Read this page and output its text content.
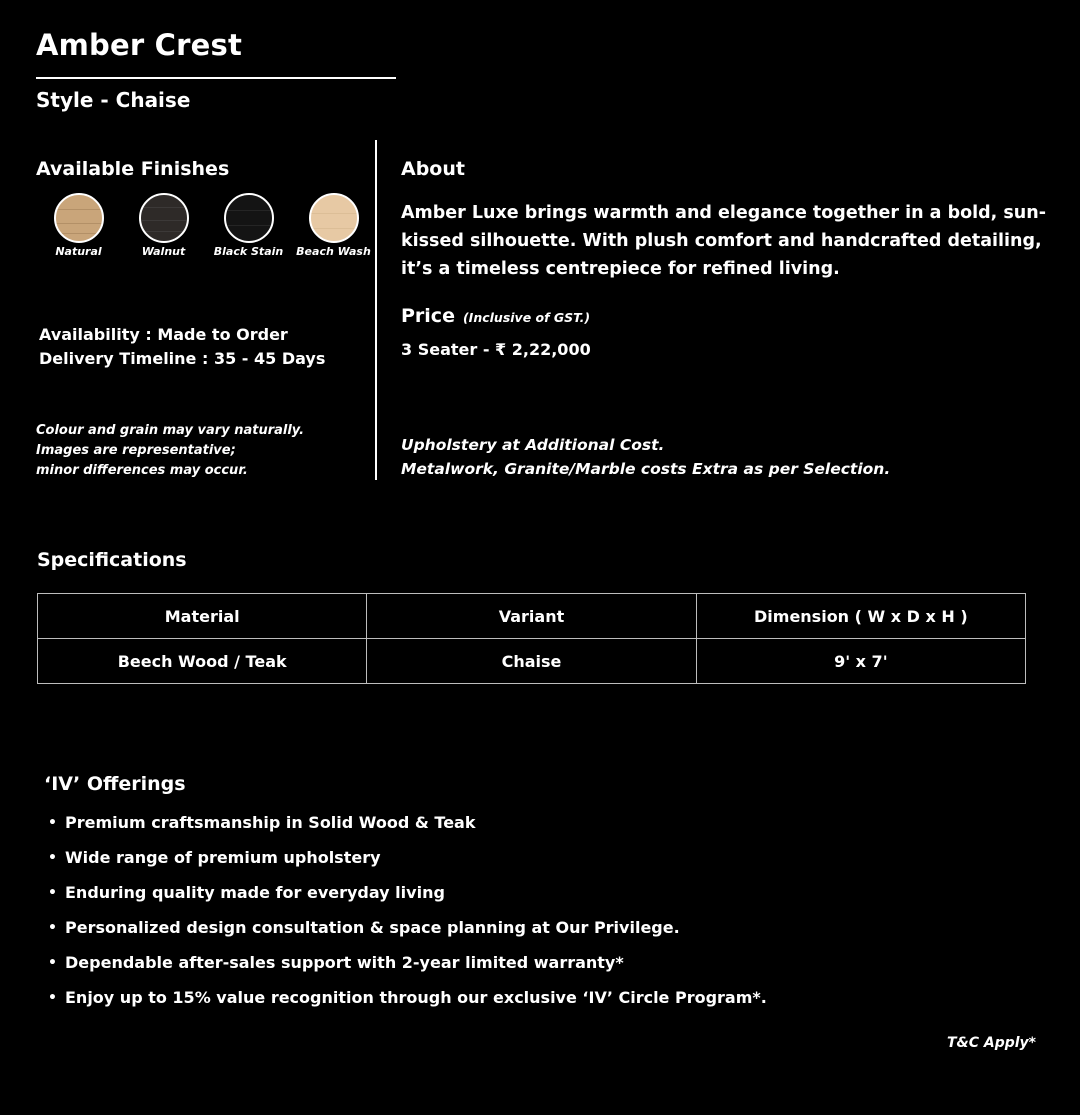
Amber Crest
Style - Chaise
Available Finishes
Natural	Walnut	Black Stain Beach Wash
Availability : Made to Order
Delivery Timeline : 35 - 45 Days
Colour and grain may vary naturally.
Images are representative;
minor differences may occur.
About

Amber Luxe brings warmth and elegance together in a bold, sun-kissed silhouette. With plush comfort and handcrafted detailing, it’s a timeless centrepiece for refined living.

Price (Inclusive of GST.)
3 Seater - ₹ 2,22,000
Upholstery at Additional Cost.
Metalwork, Granite/Marble costs Extra as per Selection.
Specifications
Material	Variant	Dimension ( W x D x H )
Beech Wood / Teak	Chaise	9' x 7'
‘IV’ Offerings
• Premium craftsmanship in Solid Wood & Teak
• Wide range of premium upholstery
• Enduring quality made for everyday living
• Personalized design consultation & space planning at Our Privilege.
• Dependable after-sales support with 2-year limited warranty*
• Enjoy up to 15% value recognition through our exclusive ‘IV’ Circle Program*.
T&C Apply*
